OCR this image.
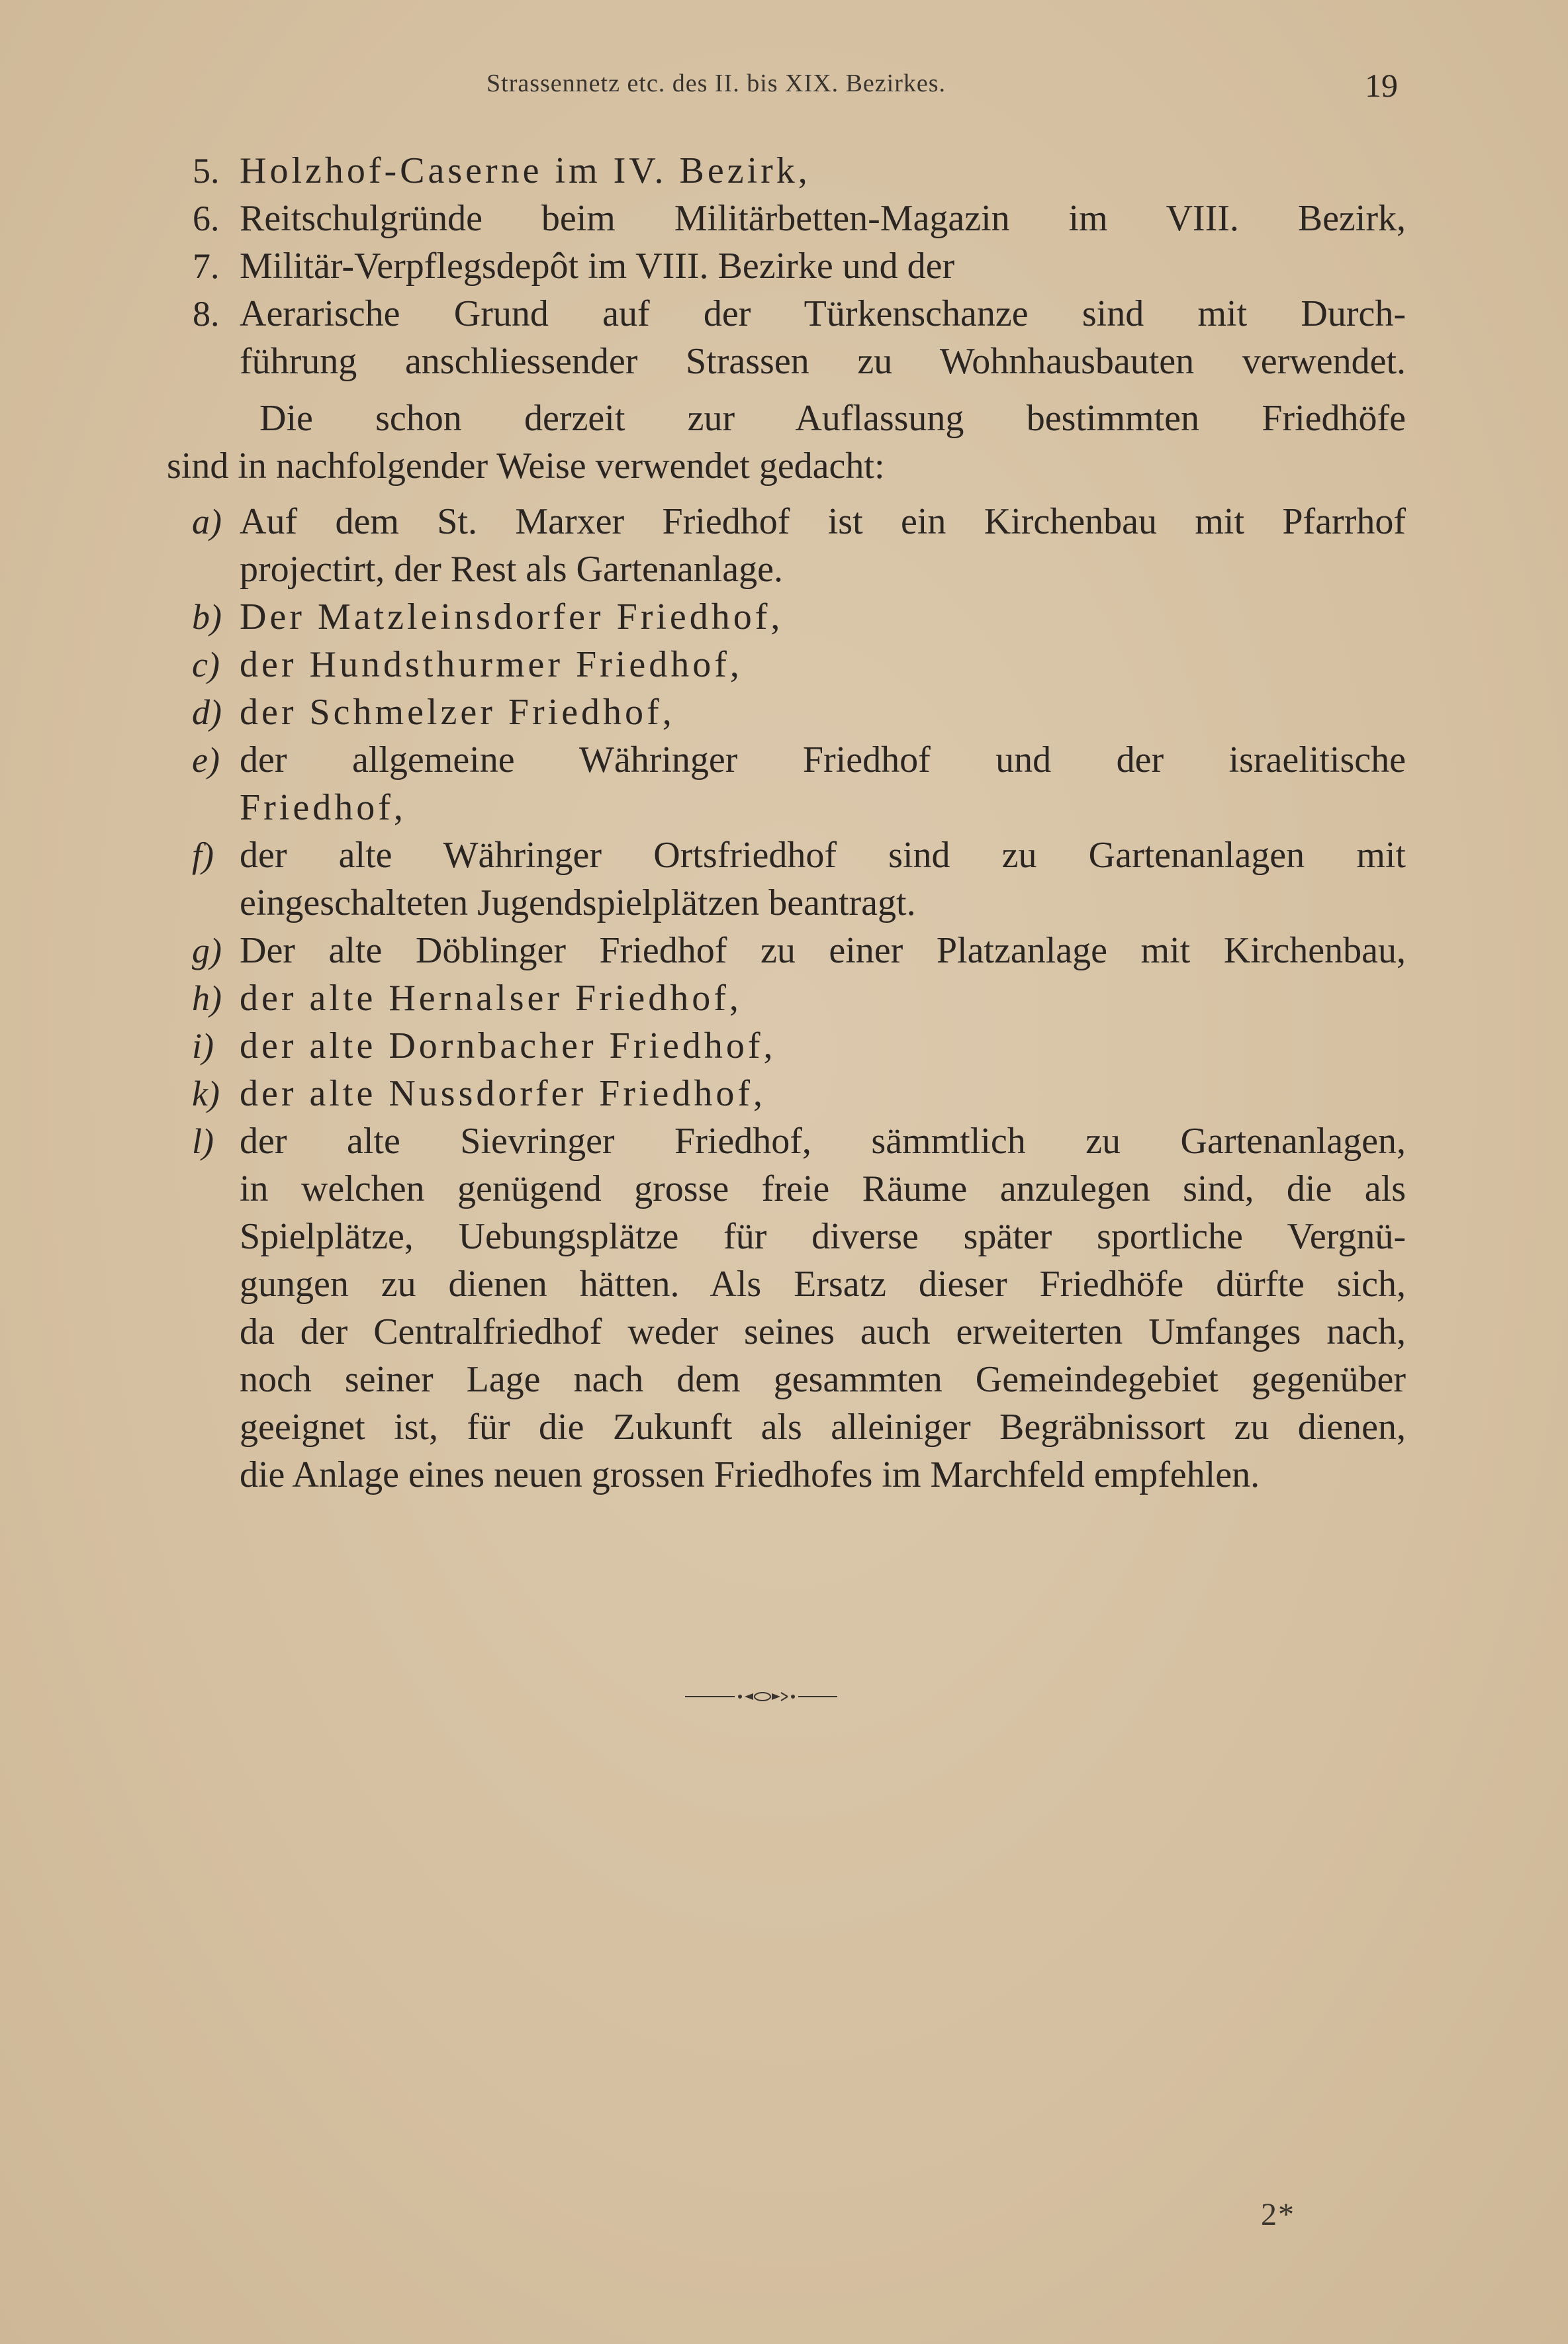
Strassennetz etc. des II. bis XIX. Bezirkes.	19
5. Holzhof-Caserne im IV. Bezirk,
6. Reitschulgründe beim Militärbetten-Magazin im VIII. Bezirk,
7. Militär-Verpflegsdepôt im VIII. Bezirke und der
8. Aerarische Grund auf der Türkenschanze sind mit Durch-
führung anschliessender Strassen zu Wohnhausbauten verwendet.
Die schon derzeit zur Auflassung bestimmten Friedhöfe
sind in nachfolgender Weise verwendet gedacht:
a) Auf dem St. Marxer Friedhof ist ein Kirchenbau mit Pfarrhof
projectirt, der Rest als Gartenanlage.
b) Der Matzleinsdorfer Friedhof,
c) der Hundsthurmer Friedhof,
d) der Schmelzer Friedhof,
e) der allgemeine Währinger Friedhof und der israelitische
Friedhof,
f) der alte Währinger Ortsfriedhof sind zu Gartenanlagen mit
eingeschalteten Jugendspielplätzen beantragt.
g) Der alte Döblinger Friedhof zu einer Platzanlage mit Kirchenbau,
h) der alte Hernalser Friedhof,
i) der alte Dornbacher Friedhof,
k) der alte Nussdorfer Friedhof,
l) der alte Sievringer Friedhof, sämmtlich zu Gartenanlagen,
in welchen genügend grosse freie Räume anzulegen sind, die als
Spielplätze, Uebungsplätze für diverse später sportliche Vergnü-
gungen zu dienen hätten. Als Ersatz dieser Friedhöfe dürfte sich,
da der Centralfriedhof weder seines auch erweiterten Umfanges nach,
noch seiner Lage nach dem gesammten Gemeindegebiet gegenüber
geeignet ist, für die Zukunft als alleiniger Begräbnissort zu dienen,
die Anlage eines neuen grossen Friedhofes im Marchfeld empfehlen.
2*
